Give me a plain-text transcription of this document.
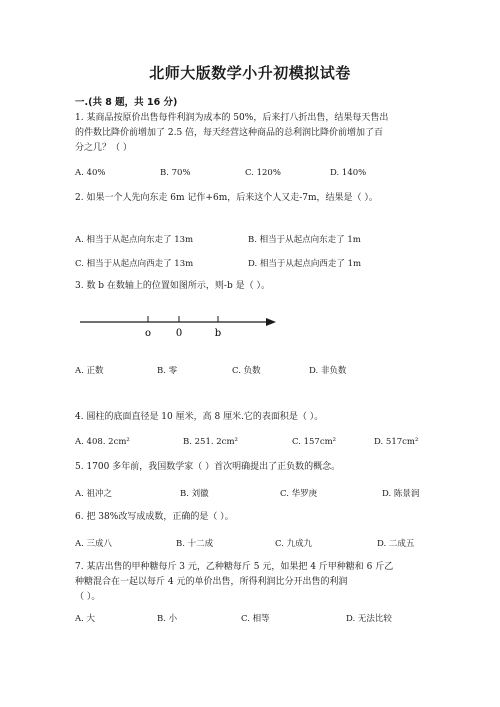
北师大版数学小升初模拟试卷
一.(共 8 题，共 16 分)
1. 某商品按原价出售每件利润为成本的 50%，后来打八折出售，结果每天售出
的件数比降价前增加了 2.5 倍，每天经营这种商品的总利润比降价前增加了百
分之几？（ ）
A. 40%	B. 70%	C. 120%	D. 140%
2. 如果一个人先向东走 6m 记作+6m，后来这个人又走-7m，结果是（ ）。
A. 相当于从起点向东走了 13m	B. 相当于从起点向东走了 1m
C. 相当于从起点向西走了 13m	D. 相当于从起点向西走了 1m
3. 数 b 在数轴上的位置如图所示，则-b 是（ ）。
o 0	b
A. 正数	B. 零	C. 负数	D. 非负数
4. 圆柱的底面直径是 10 厘米，高 8 厘米.它的表面积是（ ）。
A. 408. 2cm²	B. 251. 2cm²	C. 157cm²	D. 517cm²
5. 1700 多年前，我国数学家（ ）首次明确提出了正负数的概念。
A. 祖冲之	B. 刘徽	C. 华罗庚	D. 陈景润
6. 把 38%改写成成数，正确的是（ ）。
A. 三成八	B. 十二成	C. 九成九	D. 二成五
7. 某店出售的甲种糖每斤 3 元，乙种糖每斤 5 元，如果把 4 斤甲种糖和 6 斤乙
种糖混合在一起以每斤 4 元的单价出售，所得利润比分开出售的利润
（ ）。
A. 大	B. 小	C. 相等	D. 无法比较
